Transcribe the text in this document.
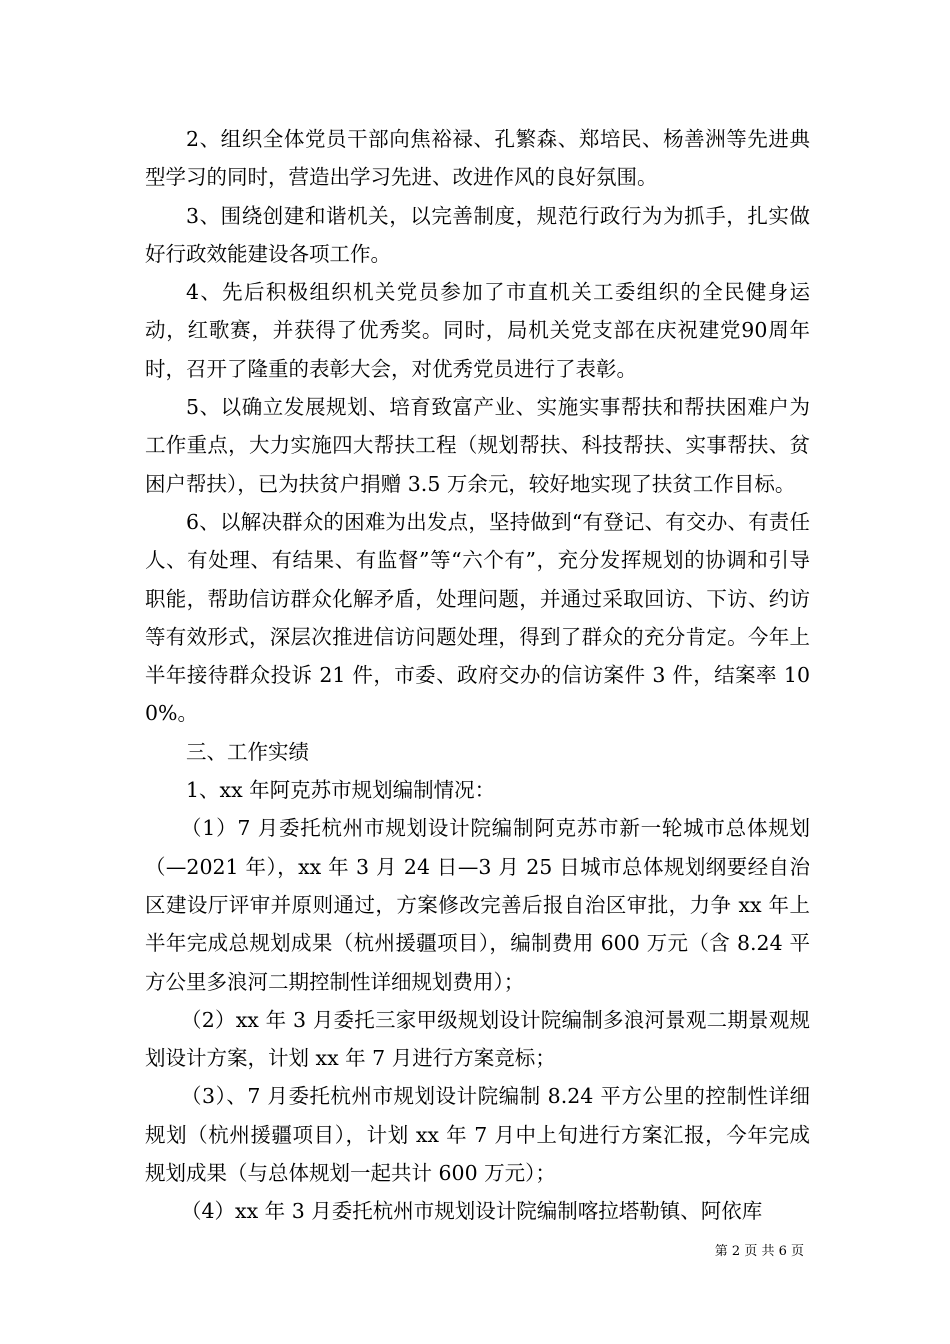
2、组织全体党员干部向焦裕禄、孔繁森、郑培民、杨善洲等先进典型学习的同时，营造出学习先进、改进作风的良好氛围。

3、围绕创建和谐机关，以完善制度，规范行政行为为抓手，扎实做好行政效能建设各项工作。

4、先后积极组织机关党员参加了市直机关工委组织的全民健身运动，红歌赛，并获得了优秀奖。同时，局机关党支部在庆祝建党90周年时，召开了隆重的表彰大会，对优秀党员进行了表彰。

5、以确立发展规划、培育致富产业、实施实事帮扶和帮扶困难户为工作重点，大力实施四大帮扶工程（规划帮扶、科技帮扶、实事帮扶、贫困户帮扶），已为扶贫户捐赠 3.5 万余元，较好地实现了扶贫工作目标。

6、以解决群众的困难为出发点，坚持做到“有登记、有交办、有责任人、有处理、有结果、有监督”等“六个有”，充分发挥规划的协调和引导职能，帮助信访群众化解矛盾，处理问题，并通过采取回访、下访、约访等有效形式，深层次推进信访问题处理，得到了群众的充分肯定。今年上半年接待群众投诉 21 件，市委、政府交办的信访案件 3 件，结案率 100%。

三、工作实绩

1、xx 年阿克苏市规划编制情况：

（1）7 月委托杭州市规划设计院编制阿克苏市新一轮城市总体规划（—2021 年），xx 年 3 月 24 日—3 月 25 日城市总体规划纲要经自治区建设厅评审并原则通过，方案修改完善后报自治区审批，力争 xx 年上半年完成总规划成果（杭州援疆项目），编制费用 600 万元（含 8.24 平方公里多浪河二期控制性详细规划费用）；

（2）xx 年 3 月委托三家甲级规划设计院编制多浪河景观二期景观规划设计方案，计划 xx 年 7 月进行方案竞标；

（3）、7 月委托杭州市规划设计院编制 8.24 平方公里的控制性详细规划（杭州援疆项目），计划 xx 年 7 月中上旬进行方案汇报，今年完成规划成果（与总体规划一起共计 600 万元）；

（4）xx 年 3 月委托杭州市规划设计院编制喀拉塔勒镇、阿依库

第 2 页 共 6 页
